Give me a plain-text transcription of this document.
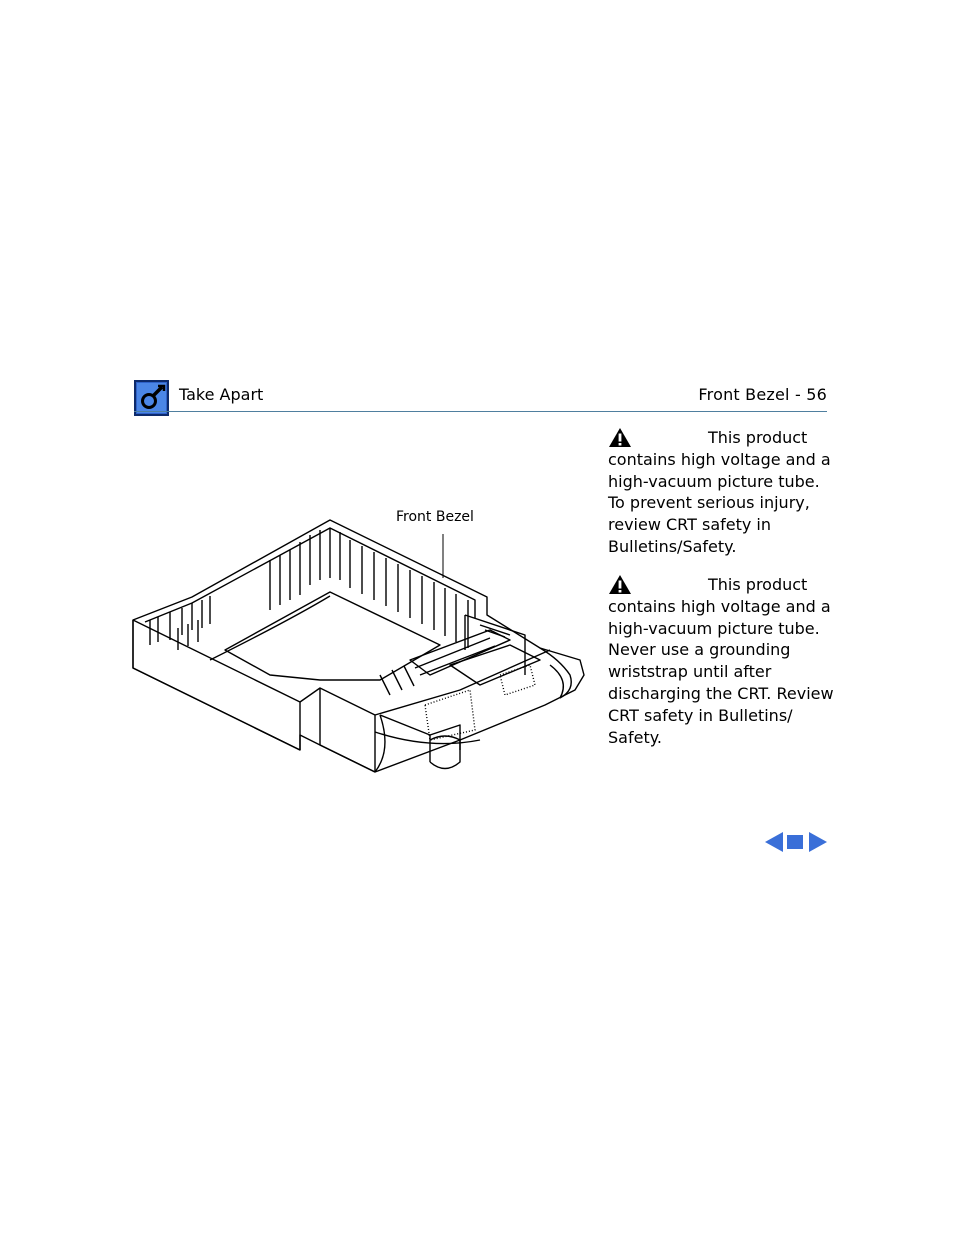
Take Apart	Front Bezel - 56
Front Bezel
This product contains high voltage and a high-vacuum picture tube. To prevent serious injury, review CRT safety in Bulletins/Safety.
This product contains high voltage and a high-vacuum picture tube. Never use a grounding wriststrap until after discharging the CRT. Review CRT safety in Bulletins/ Safety.
